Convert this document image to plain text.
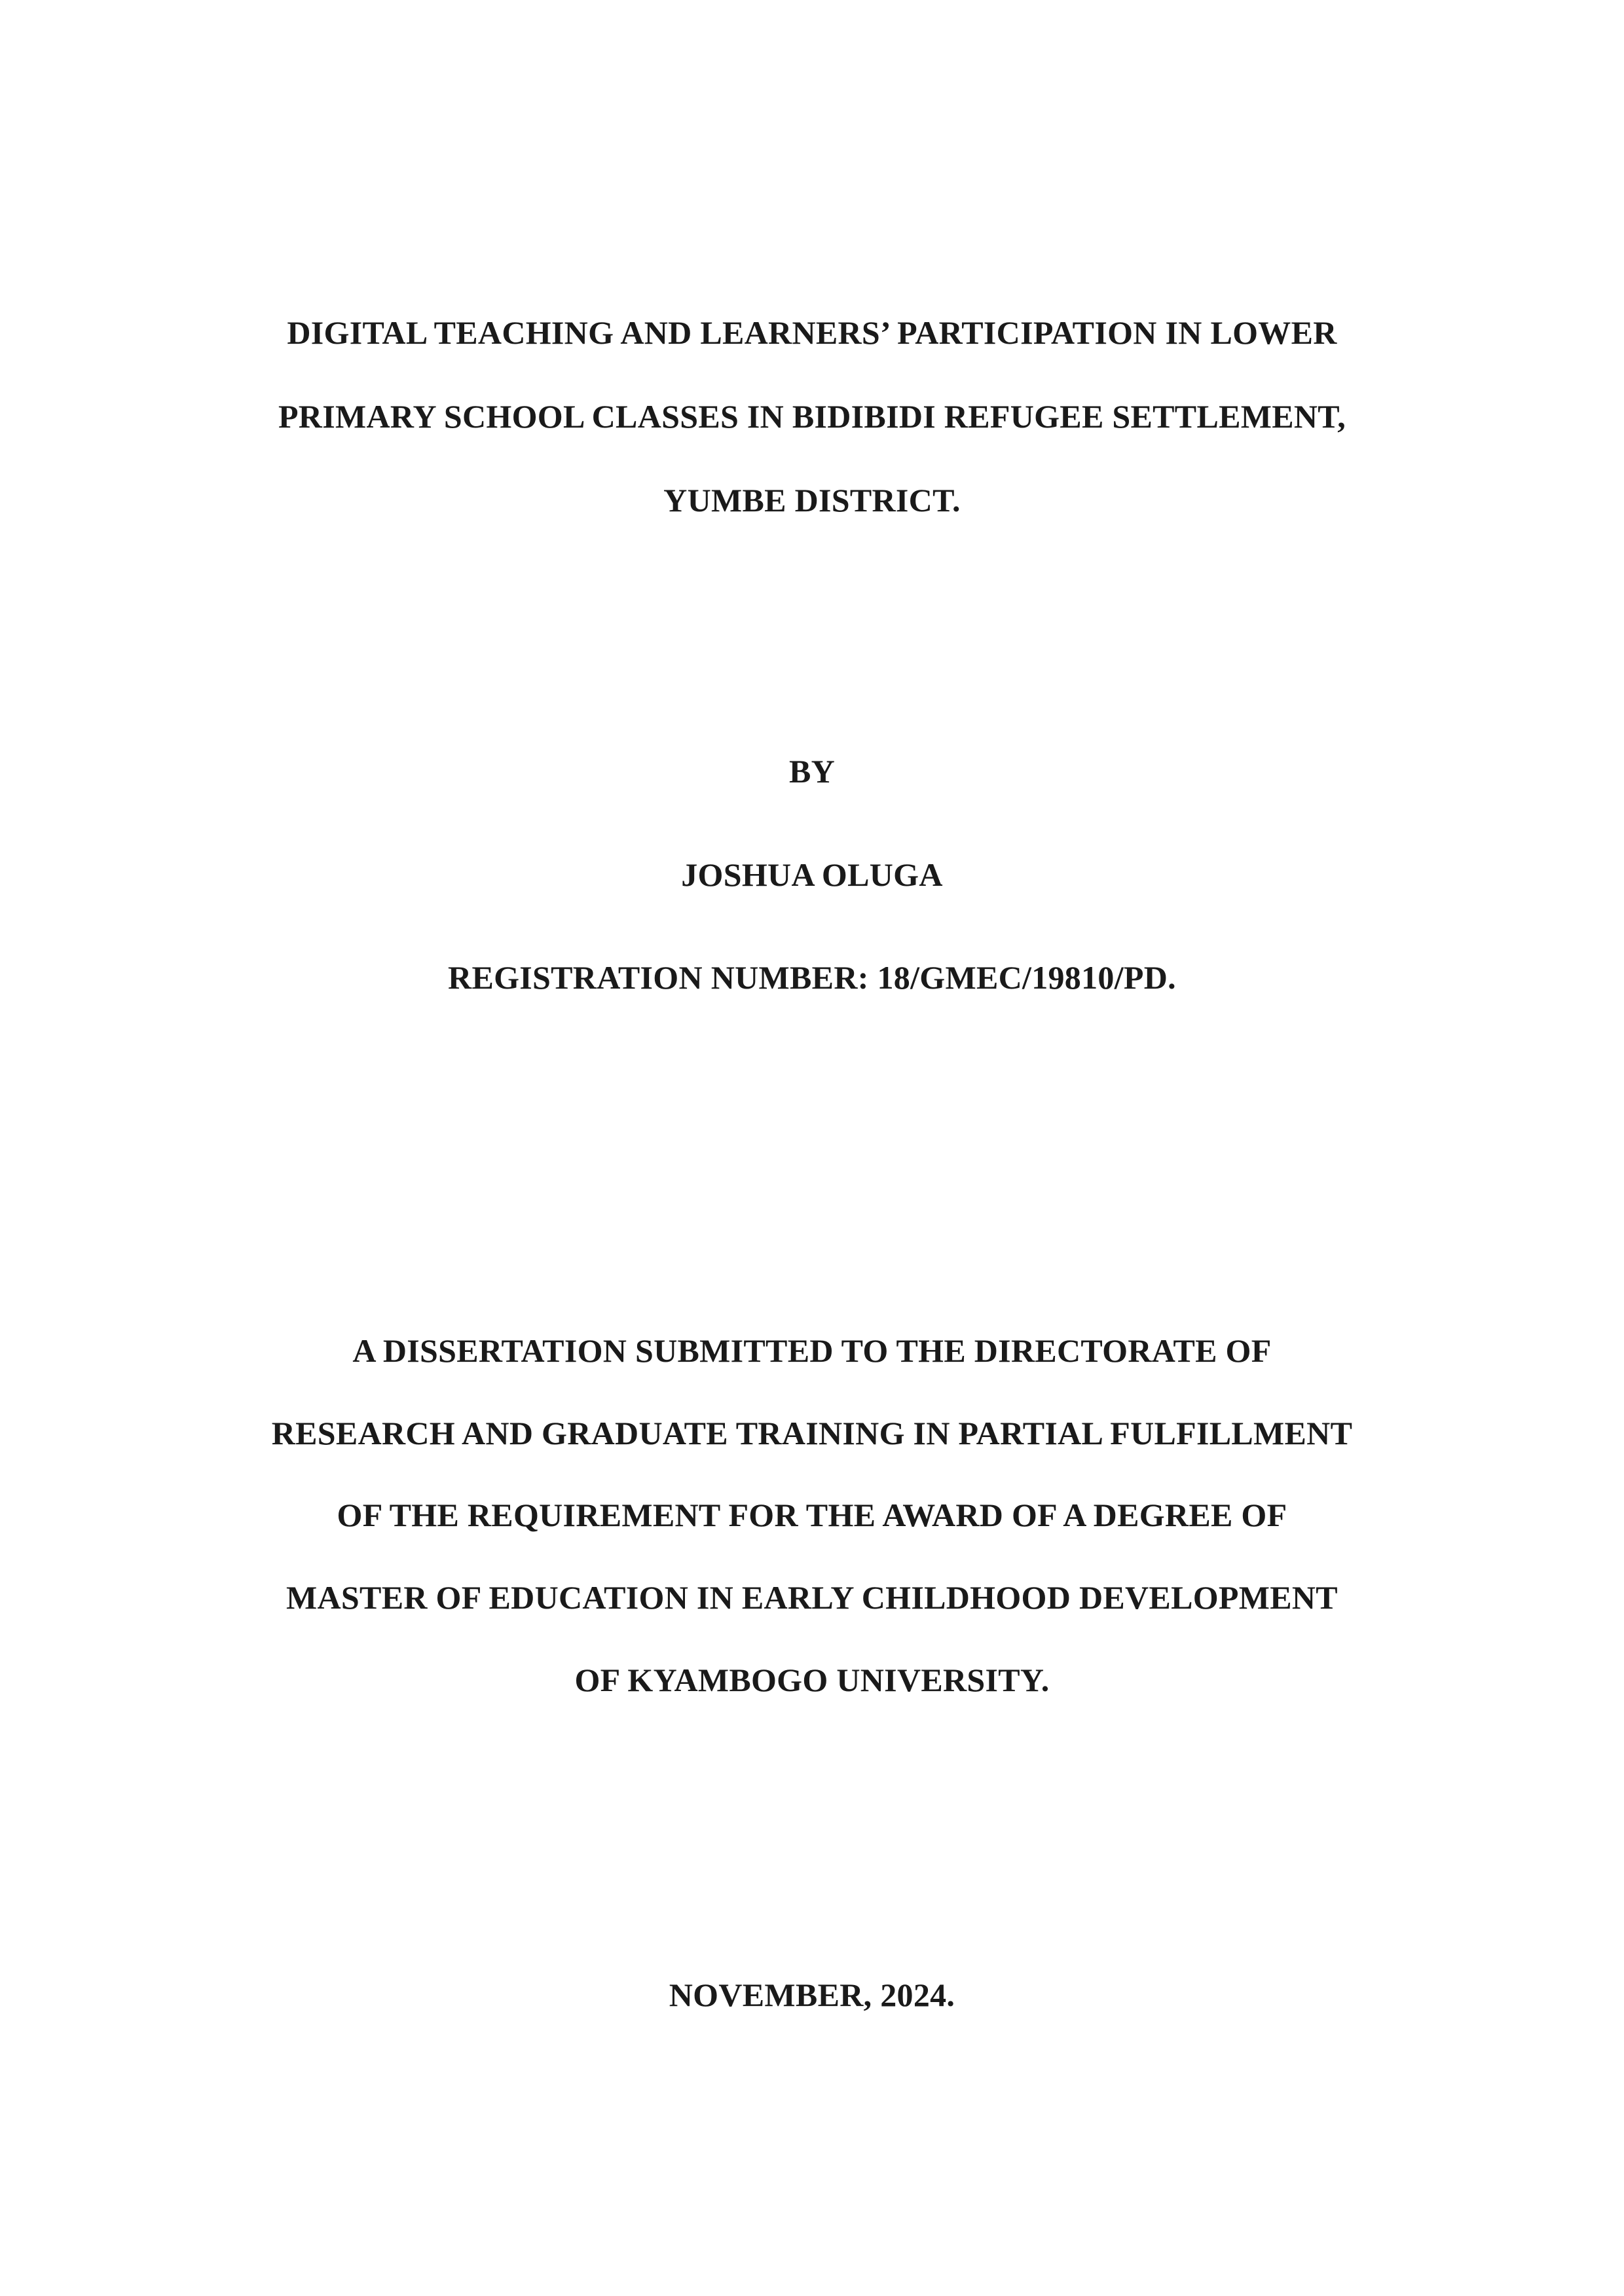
DIGITAL TEACHING AND LEARNERS’ PARTICIPATION IN LOWER
PRIMARY SCHOOL CLASSES IN BIDIBIDI REFUGEE SETTLEMENT,
YUMBE DISTRICT.
BY
JOSHUA OLUGA
REGISTRATION NUMBER: 18/GMEC/19810/PD.
A DISSERTATION SUBMITTED TO THE DIRECTORATE OF
RESEARCH AND GRADUATE TRAINING IN PARTIAL FULFILLMENT
OF THE REQUIREMENT FOR THE AWARD OF A DEGREE OF
MASTER OF EDUCATION IN EARLY CHILDHOOD DEVELOPMENT
OF KYAMBOGO UNIVERSITY.
NOVEMBER, 2024.
